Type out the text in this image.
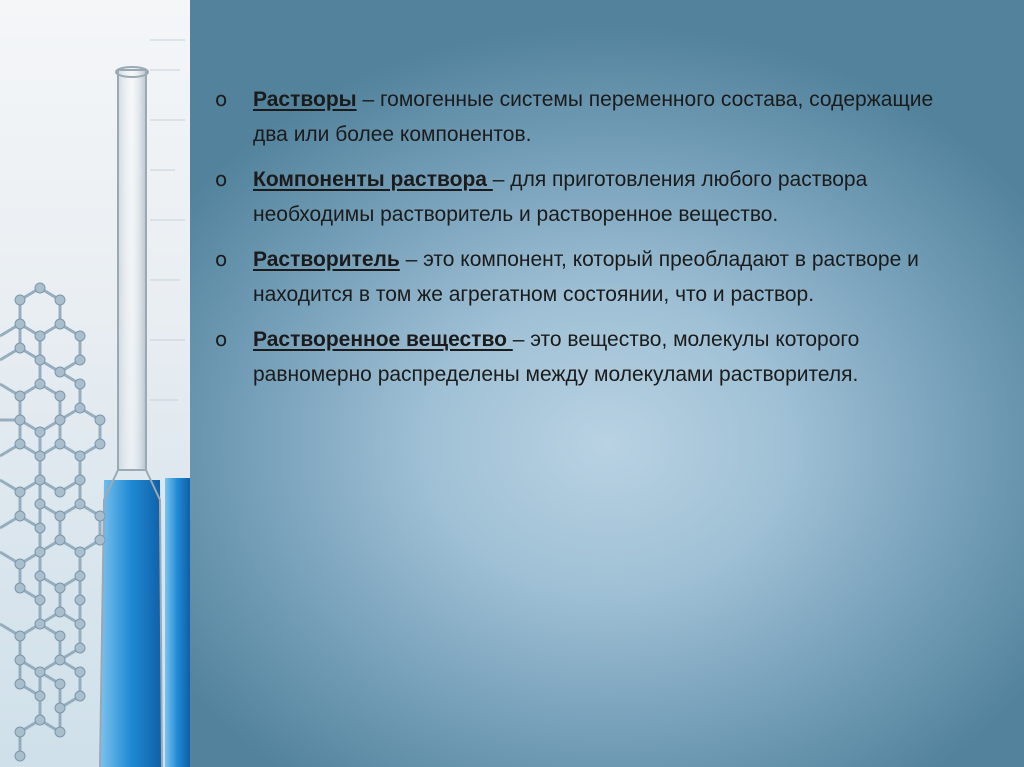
o	Растворы – гомогенные системы переменного состава, содержащие два или более компонентов.
o	Компоненты раствора – для приготовления любого раствора необходимы растворитель и растворенное вещество.
o	Растворитель – это компонент, который преобладают в растворе и находится в том же агрегатном состоянии, что и раствор.
o	Растворенное вещество – это вещество, молекулы которого равномерно распределены между молекулами растворителя.
